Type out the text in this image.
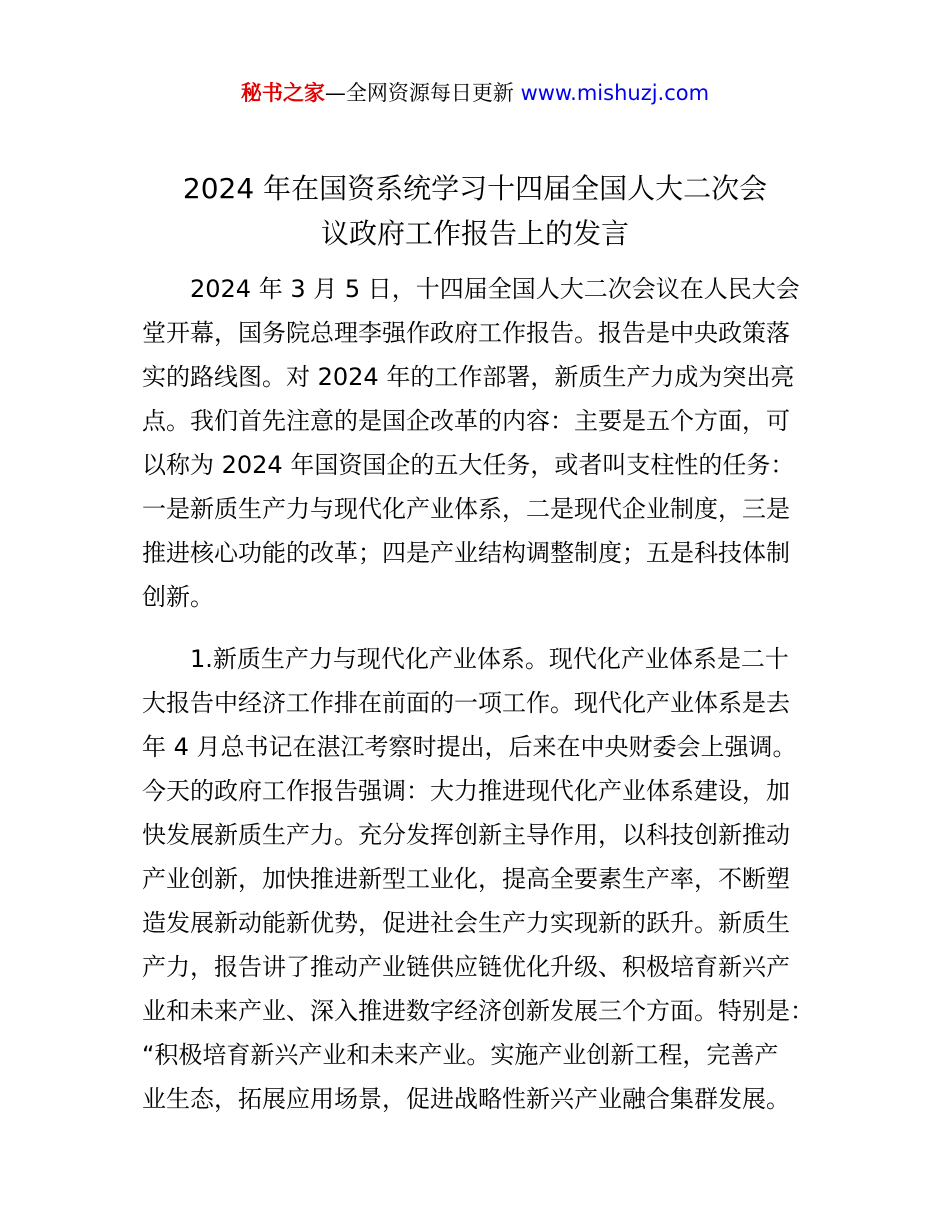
秘书之家—全网资源每日更新 www.mishuzj.com
2024 年在国资系统学习十四届全国人大二次会
议政府工作报告上的发言

2024 年 3 月 5 日，十四届全国人大二次会议在人民大会
堂开幕，国务院总理李强作政府工作报告。报告是中央政策落
实的路线图。对 2024 年的工作部署，新质生产力成为突出亮
点。我们首先注意的是国企改革的内容：主要是五个方面，可
以称为 2024 年国资国企的五大任务，或者叫支柱性的任务：
一是新质生产力与现代化产业体系，二是现代企业制度，三是
推进核心功能的改革；四是产业结构调整制度；五是科技体制
创新。

1.新质生产力与现代化产业体系。现代化产业体系是二十
大报告中经济工作排在前面的一项工作。现代化产业体系是去
年 4 月总书记在湛江考察时提出，后来在中央财委会上强调。
今天的政府工作报告强调：大力推进现代化产业体系建设，加
快发展新质生产力。充分发挥创新主导作用，以科技创新推动
产业创新，加快推进新型工业化，提高全要素生产率，不断塑
造发展新动能新优势，促进社会生产力实现新的跃升。新质生
产力，报告讲了推动产业链供应链优化升级、积极培育新兴产
业和未来产业、深入推进数字经济创新发展三个方面。特别是：
“积极培育新兴产业和未来产业。实施产业创新工程，完善产
业生态，拓展应用场景，促进战略性新兴产业融合集群发展。
